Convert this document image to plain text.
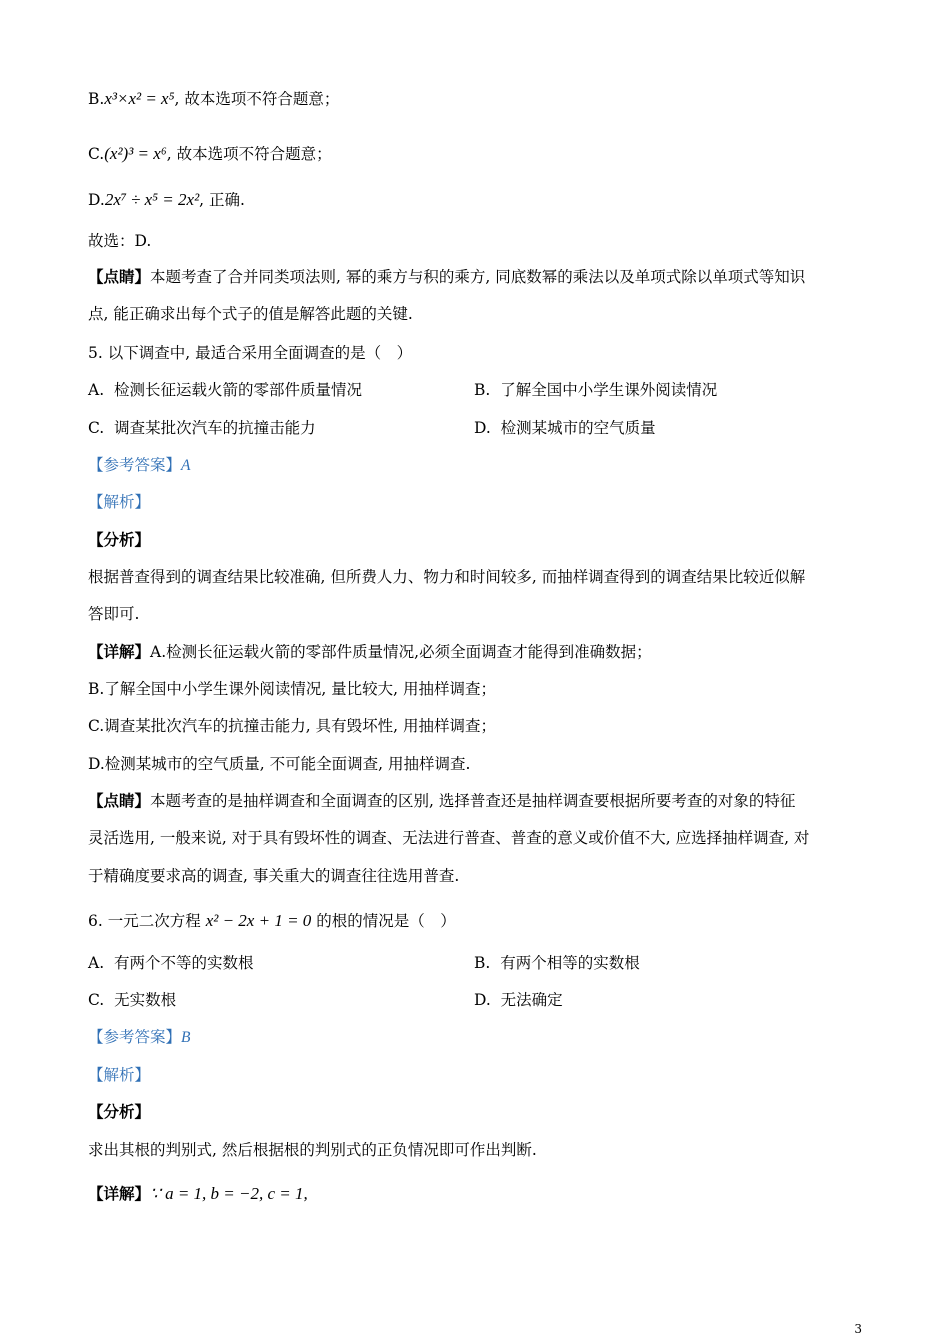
B.x³×x² = x⁵, 故本选项不符合题意；
C.(x²)³ = x⁶, 故本选项不符合题意；
D.2x⁷ ÷ x⁵ = 2x², 正确.
故选：D.
【点睛】本题考查了合并同类项法则, 幂的乘方与积的乘方, 同底数幂的乘法以及单项式除以单项式等知识
点, 能正确求出每个式子的值是解答此题的关键.
5. 以下调查中, 最适合采用全面调查的是（　）
A. 检测长征运载火箭的零部件质量情况	B. 了解全国中小学生课外阅读情况
C. 调查某批次汽车的抗撞击能力	D. 检测某城市的空气质量
【参考答案】A
【解析】
【分析】
根据普查得到的调查结果比较准确, 但所费人力、物力和时间较多, 而抽样调查得到的调查结果比较近似解
答即可.
【详解】A.检测长征运载火箭的零部件质量情况,必须全面调查才能得到准确数据；
B.了解全国中小学生课外阅读情况, 量比较大, 用抽样调查；
C.调查某批次汽车的抗撞击能力, 具有毁坏性, 用抽样调查；
D.检测某城市的空气质量, 不可能全面调查, 用抽样调查.
【点睛】本题考查的是抽样调查和全面调查的区别, 选择普查还是抽样调查要根据所要考查的对象的特征
灵活选用, 一般来说, 对于具有毁坏性的调查、无法进行普查、普查的意义或价值不大, 应选择抽样调查, 对
于精确度要求高的调查, 事关重大的调查往往选用普查.
6. 一元二次方程 x² − 2x + 1 = 0 的根的情况是（　）
A. 有两个不等的实数根	B. 有两个相等的实数根
C. 无实数根	D. 无法确定
【参考答案】B
【解析】
【分析】
求出其根的判别式, 然后根据根的判别式的正负情况即可作出判断.
【详解】∵ a = 1, b = −2, c = 1,
3
